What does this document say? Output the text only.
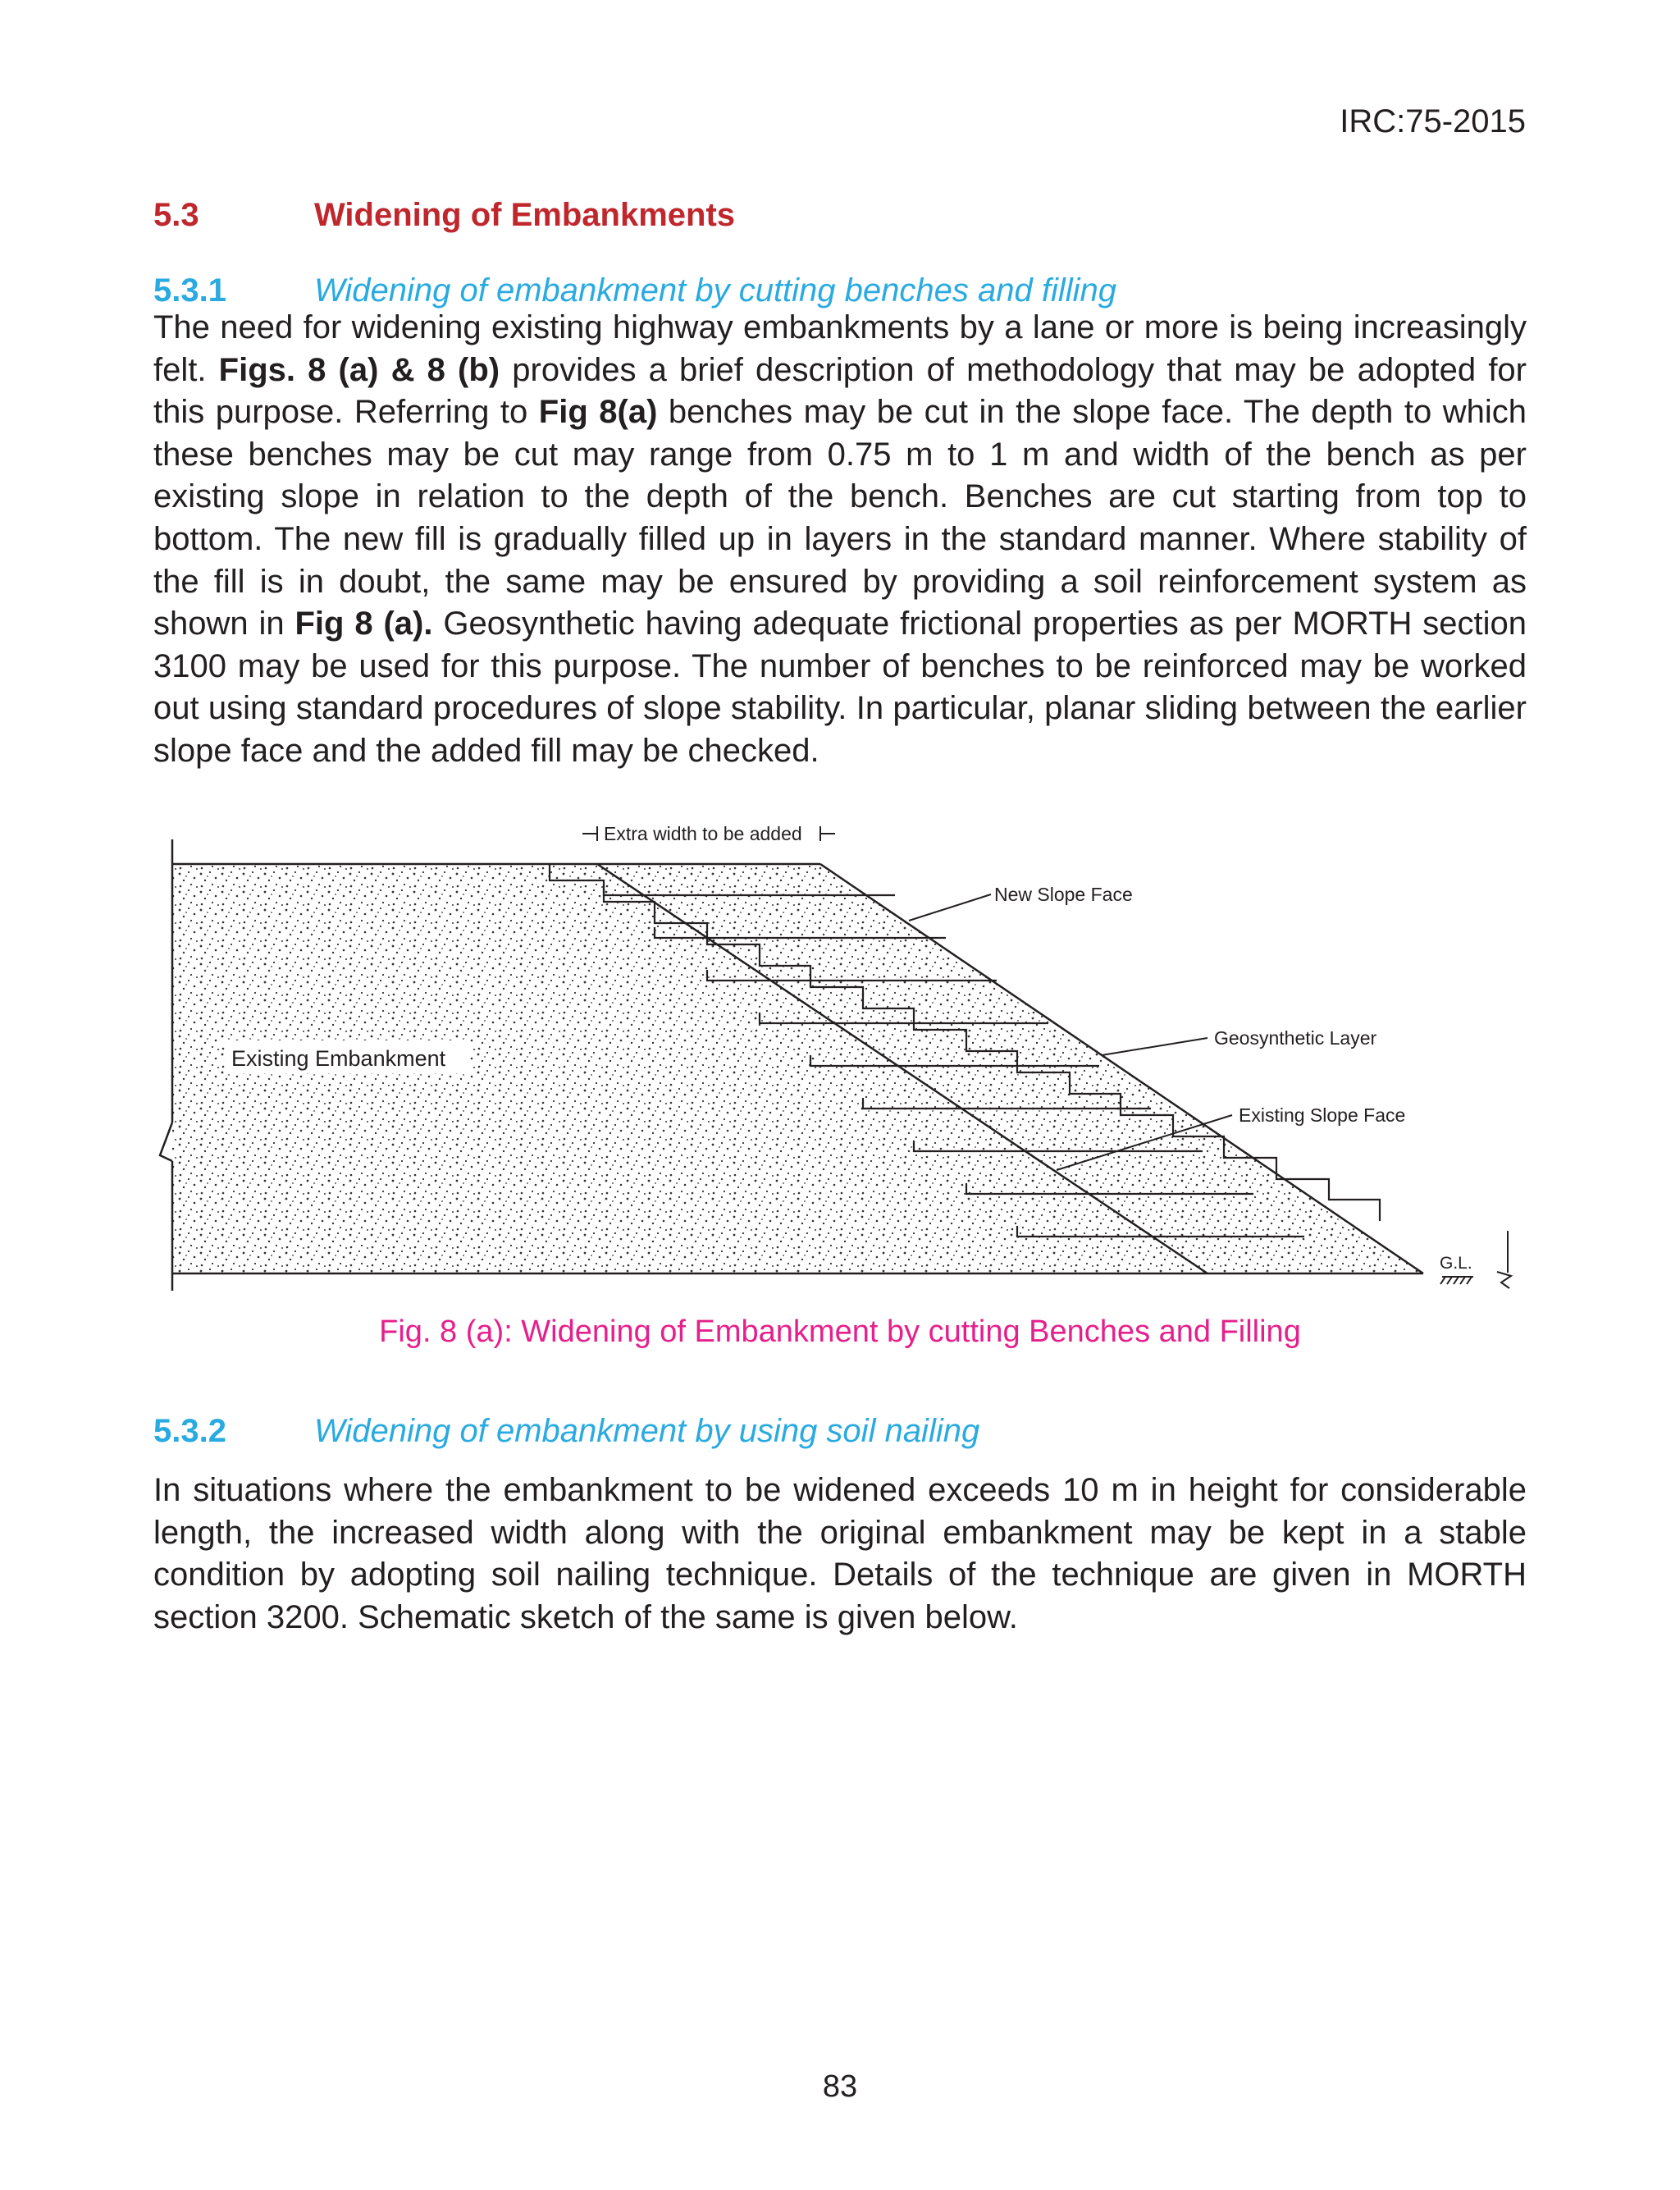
IRC:75-2015
5.3	Widening of Embankments
5.3.1	Widening of embankment by cutting benches and filling

The need for widening existing highway embankments by a lane or more is being increasingly felt. Figs. 8 (a) & 8 (b) provides a brief description of methodology that may be adopted for this purpose. Referring to Fig 8(a) benches may be cut in the slope face. The depth to which these benches may be cut may range from 0.75 m to 1 m and width of the bench as per existing slope in relation to the depth of the bench. Benches are cut starting from top to bottom. The new fill is gradually filled up in layers in the standard manner. Where stability of the fill is in doubt, the same may be ensured by providing a soil reinforcement system as shown in Fig 8 (a). Geosynthetic having adequate frictional properties as per MORTH section 3100 may be used for this purpose. The number of benches to be reinforced may be worked out using standard procedures of slope stability. In particular, planar sliding between the earlier slope face and the added fill may be checked.

Extra width to be added
New Slope Face
Geosynthetic Layer
Existing Slope Face
Existing Embankment
G.L.
Fig. 8 (a): Widening of Embankment by cutting Benches and Filling
5.3.2	Widening of embankment by using soil nailing

In situations where the embankment to be widened exceeds 10 m in height for considerable length, the increased width along with the original embankment may be kept in a stable condition by adopting soil nailing technique. Details of the technique are given in MORTH section 3200. Schematic sketch of the same is given below.

83
